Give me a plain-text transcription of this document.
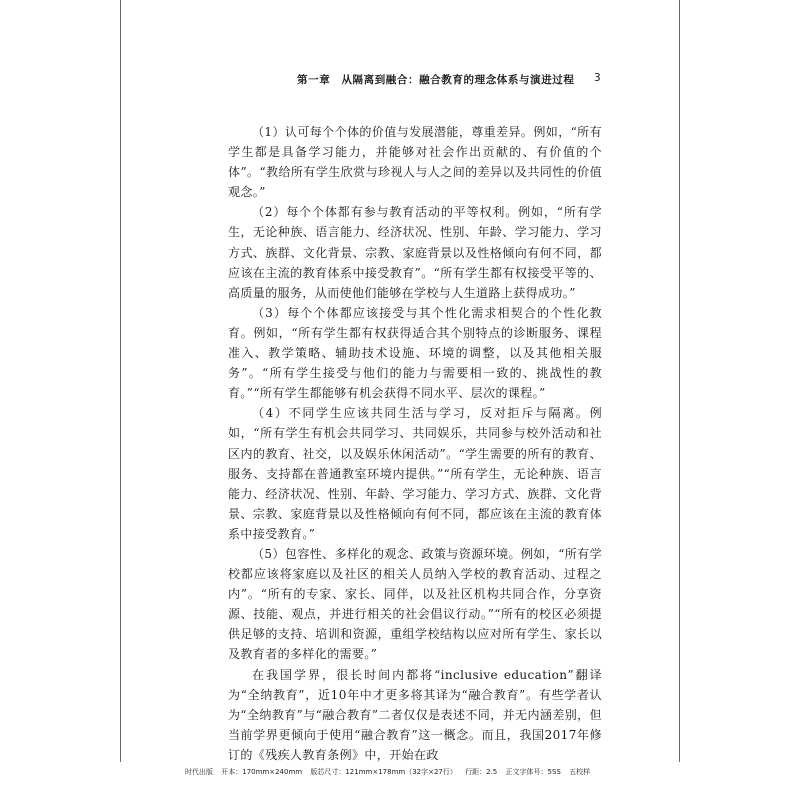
第一章　从隔离到融合：融合教育的理念体系与演进过程 3

（1）认可每个个体的价值与发展潜能，尊重差异。例如，“所有学生都是具备学习能力，并能够对社会作出贡献的、有价值的个体”。“教给所有学生欣赏与珍视人与人之间的差异以及共同性的价值观念。”

（2）每个个体都有参与教育活动的平等权利。例如，“所有学生，无论种族、语言能力、经济状况、性别、年龄、学习能力、学习方式、族群、文化背景、宗教、家庭背景以及性格倾向有何不同，都应该在主流的教育体系中接受教育”。“所有学生都有权接受平等的、高质量的服务，从而使他们能够在学校与人生道路上获得成功。”

（3）每个个体都应该接受与其个性化需求相契合的个性化教育。例如，“所有学生都有权获得适合其个别特点的诊断服务、课程准入、教学策略、辅助技术设施、环境的调整，以及其他相关服务”。“所有学生接受与他们的能力与需要相一致的、挑战性的教育。”“所有学生都能够有机会获得不同水平、层次的课程。”

（4）不同学生应该共同生活与学习，反对拒斥与隔离。例如，“所有学生有机会共同学习、共同娱乐，共同参与校外活动和社区内的教育、社交，以及娱乐休闲活动”。“学生需要的所有的教育、服务、支持都在普通教室环境内提供。”“所有学生，无论种族、语言能力、经济状况、性别、年龄、学习能力、学习方式、族群、文化背景、宗教、家庭背景以及性格倾向有何不同，都应该在主流的教育体系中接受教育。”

（5）包容性、多样化的观念、政策与资源环境。例如，“所有学校都应该将家庭以及社区的相关人员纳入学校的教育活动、过程之内”。“所有的专家、家长、同伴，以及社区机构共同合作，分享资源、技能、观点，并进行相关的社会倡议行动。”“所有的校区必须提供足够的支持、培训和资源，重组学校结构以应对所有学生、家长以及教育者的多样化的需要。”

在我国学界，很长时间内都将“inclusive education”翻译为“全纳教育”，近10年中才更多将其译为“融合教育”。有些学者认为“全纳教育”与“融合教育”二者仅仅是表述不同，并无内涵差别，但当前学界更倾向于使用“融合教育”这一概念。而且，我国2017年修订的《残疾人教育条例》中，开始在政

时代出版 开本：170mm×240mm 版芯尺寸：121mm×178mm（32字×27行） 行距：2.5 正文字体号：5SS 五校样
